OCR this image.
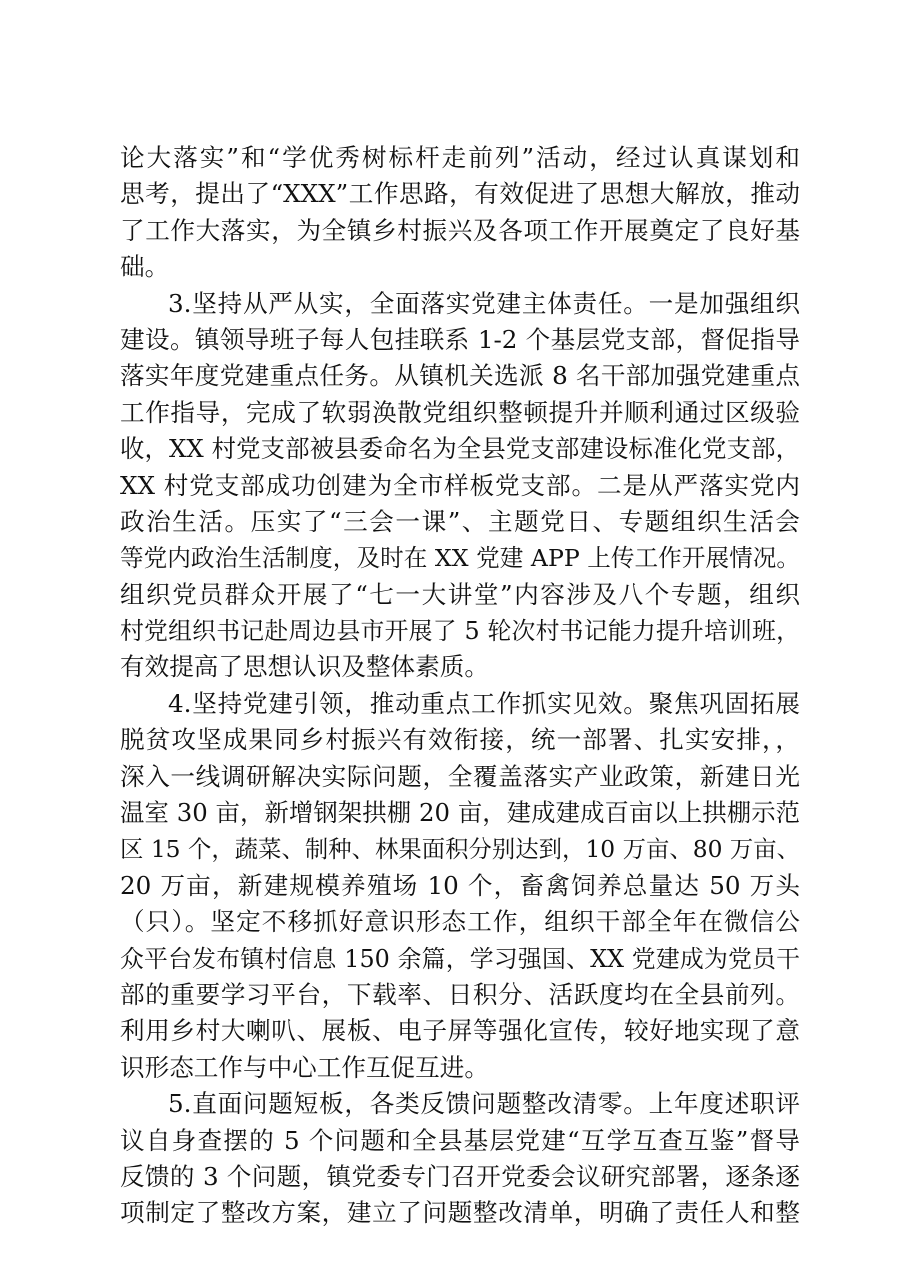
论大落实”和“学优秀树标杆走前列”活动，经过认真谋划和
思考，提出了“XXX”工作思路，有效促进了思想大解放，推动
了工作大落实，为全镇乡村振兴及各项工作开展奠定了良好基
础。
3.坚持从严从实，全面落实党建主体责任。一是加强组织
建设。镇领导班子每人包挂联系 1-2 个基层党支部，督促指导
落实年度党建重点任务。从镇机关选派 8 名干部加强党建重点
工作指导，完成了软弱涣散党组织整顿提升并顺利通过区级验
收，XX 村党支部被县委命名为全县党支部建设标准化党支部，
XX 村党支部成功创建为全市样板党支部。二是从严落实党内
政治生活。压实了“三会一课”、主题党日、专题组织生活会
等党内政治生活制度，及时在 XX 党建 APP 上传工作开展情况。
组织党员群众开展了“七一大讲堂”内容涉及八个专题，组织
村党组织书记赴周边县市开展了 5 轮次村书记能力提升培训班，
有效提高了思想认识及整体素质。
4.坚持党建引领，推动重点工作抓实见效。聚焦巩固拓展
脱贫攻坚成果同乡村振兴有效衔接，统一部署、扎实安排，，
深入一线调研解决实际问题，全覆盖落实产业政策，新建日光
温室 30 亩，新增钢架拱棚 20 亩，建成建成百亩以上拱棚示范
区 15 个，蔬菜、制种、林果面积分别达到，10 万亩、80 万亩、
20 万亩，新建规模养殖场 10 个，畜禽饲养总量达 50 万头
（只）。坚定不移抓好意识形态工作，组织干部全年在微信公
众平台发布镇村信息 150 余篇，学习强国、XX 党建成为党员干
部的重要学习平台，下载率、日积分、活跃度均在全县前列。
利用乡村大喇叭、展板、电子屏等强化宣传，较好地实现了意
识形态工作与中心工作互促互进。
5.直面问题短板，各类反馈问题整改清零。上年度述职评
议自身查摆的 5 个问题和全县基层党建“互学互查互鉴”督导
反馈的 3 个问题，镇党委专门召开党委会议研究部署，逐条逐
项制定了整改方案，建立了问题整改清单，明确了责任人和整
